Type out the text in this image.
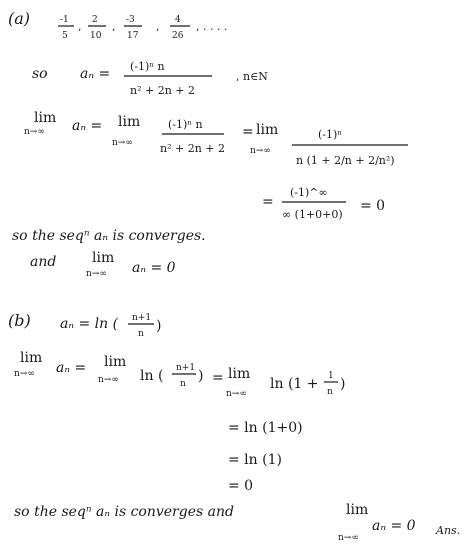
(a)	-1
5
, 2
10
, -3
17
, 4
26
, . . . .
so aₙ = (-1)ⁿ n
n² + 2n + 2
, n∈N
lim
n→∞ aₙ = lim
n→∞
(-1)ⁿ n
n² + 2n + 2
= lim
n→∞
(-1)ⁿ
n (1 + 2/n + 2/n²)
=
(-1)^∞
∞ (1+0+0)
= 0
so the seqⁿ aₙ is converges.
and	lim
n→∞ aₙ = 0
(b) aₙ = ln ( n+1
n )
lim
n→∞ aₙ = lim
n→∞ ln ( n+1
n ) = lim
n→∞
ln (1 + 1
n )
= ln (1+0)
= ln (1)
= 0
so the seqⁿ aₙ is converges and	lim
n→∞
aₙ = 0 Ans.
